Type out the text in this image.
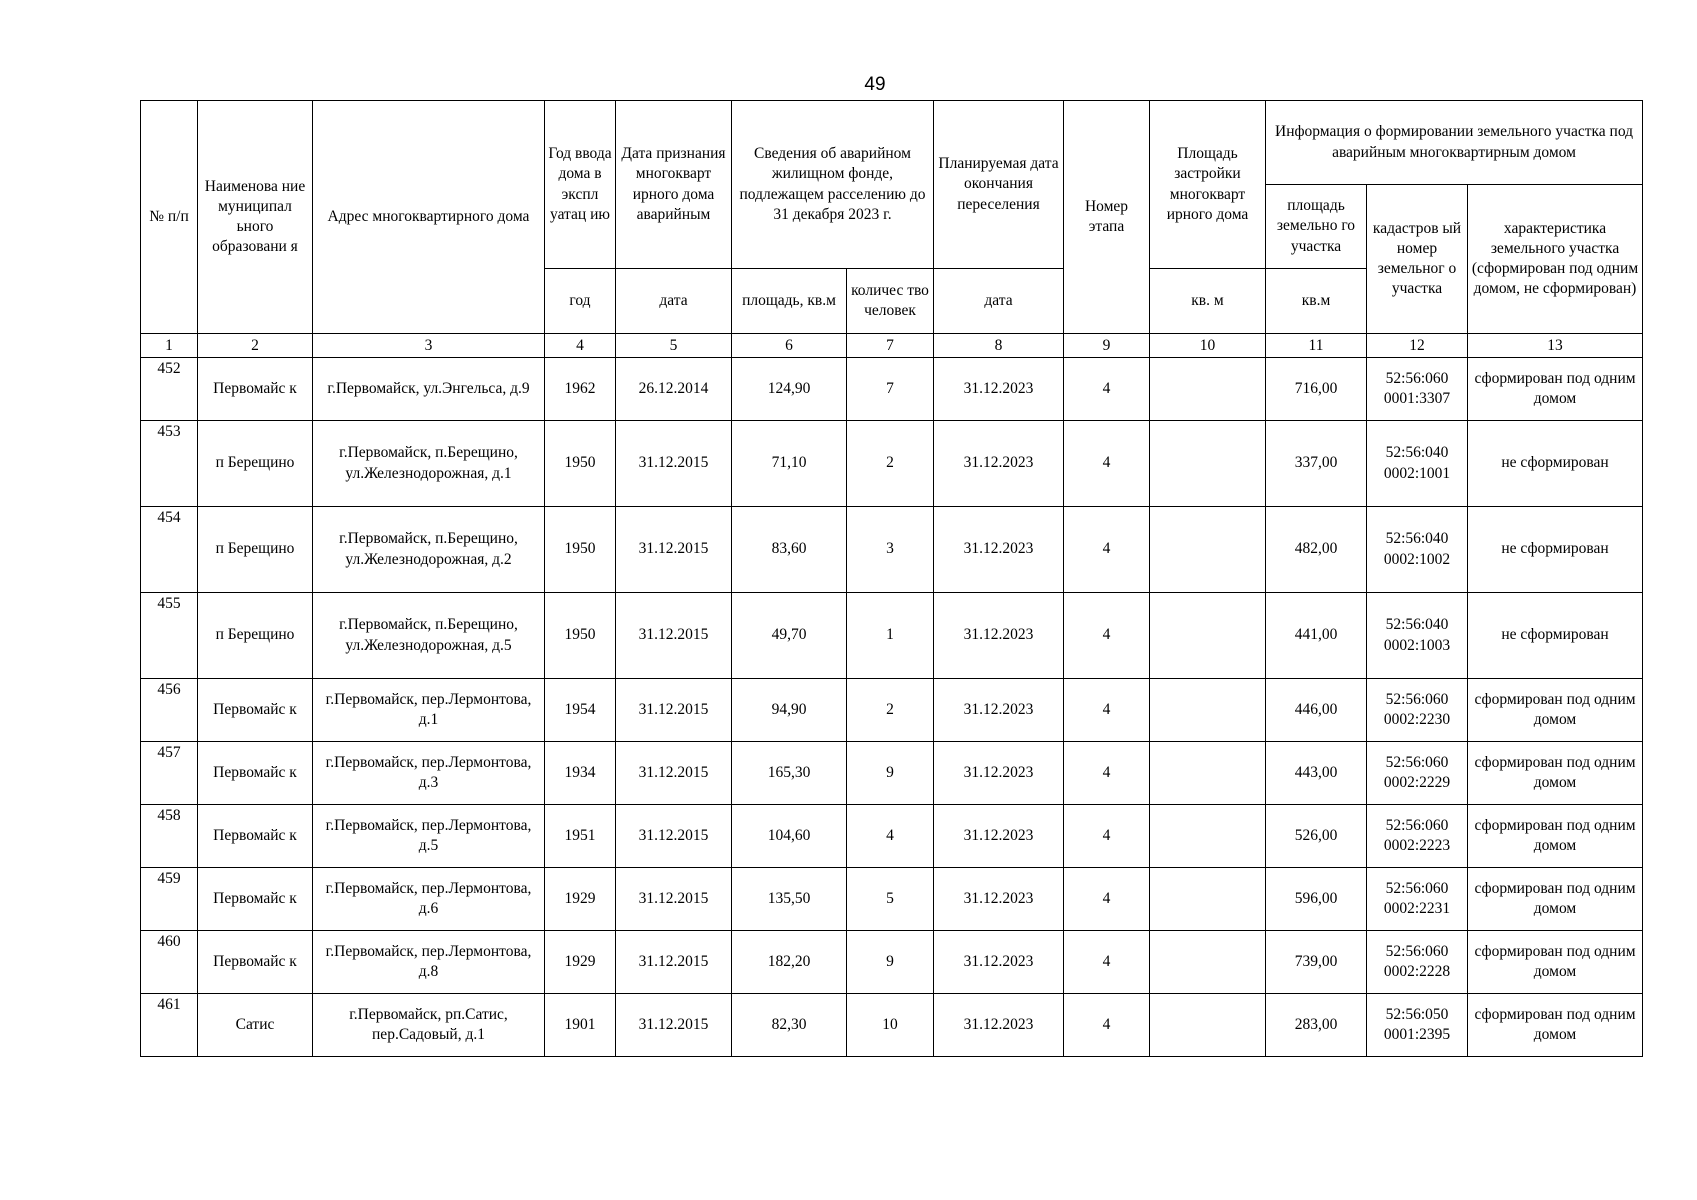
49
№ п/п	Наименова ние муниципал ьного образовани я	Адрес многоквартирного дома	Год ввода дома в экспл уатац ию	Дата признания многокварт ирного дома аварийным	Сведения об аварийном жилищном фонде, подлежащем расселению до 31 декабря 2023 г.		Планируемая дата окончания переселения	Номер этапа	Площадь застройки многокварт ирного дома	Информация о формировании земельного участка под аварийным многоквартирным домом		
										площадь земельно го участка	кадастров ый номер земельног о участка	характеристика земельного участка (сформирован под одним домом, не сформирован)
			год	дата	площадь, кв.м	количес тво человек	дата		кв. м	кв.м		
1	2	3	4	5	6	7	8	9	10	11	12	13
452	Первомайс к	г.Первомайск, ул.Энгельса, д.9	1962	26.12.2014	124,90	7	31.12.2023	4		716,00	52:56:060 0001:3307	сформирован под одним домом
453	п Берещино	г.Первомайск, п.Берещино, ул.Железнодорожная, д.1	1950	31.12.2015	71,10	2	31.12.2023	4		337,00	52:56:040 0002:1001	не сформирован
454	п Берещино	г.Первомайск, п.Берещино, ул.Железнодорожная, д.2	1950	31.12.2015	83,60	3	31.12.2023	4		482,00	52:56:040 0002:1002	не сформирован
455	п Берещино	г.Первомайск, п.Берещино, ул.Железнодорожная, д.5	1950	31.12.2015	49,70	1	31.12.2023	4		441,00	52:56:040 0002:1003	не сформирован
456	Первомайс к	г.Первомайск, пер.Лермонтова, д.1	1954	31.12.2015	94,90	2	31.12.2023	4		446,00	52:56:060 0002:2230	сформирован под одним домом
457	Первомайс к	г.Первомайск, пер.Лермонтова, д.3	1934	31.12.2015	165,30	9	31.12.2023	4		443,00	52:56:060 0002:2229	сформирован под одним домом
458	Первомайс к	г.Первомайск, пер.Лермонтова, д.5	1951	31.12.2015	104,60	4	31.12.2023	4		526,00	52:56:060 0002:2223	сформирован под одним домом
459	Первомайс к	г.Первомайск, пер.Лермонтова, д.6	1929	31.12.2015	135,50	5	31.12.2023	4		596,00	52:56:060 0002:2231	сформирован под одним домом
460	Первомайс к	г.Первомайск, пер.Лермонтова, д.8	1929	31.12.2015	182,20	9	31.12.2023	4		739,00	52:56:060 0002:2228	сформирован под одним домом
461	Сатис	г.Первомайск, рп.Сатис, пер.Садовый, д.1	1901	31.12.2015	82,30	10	31.12.2023	4		283,00	52:56:050 0001:2395	сформирован под одним домом
